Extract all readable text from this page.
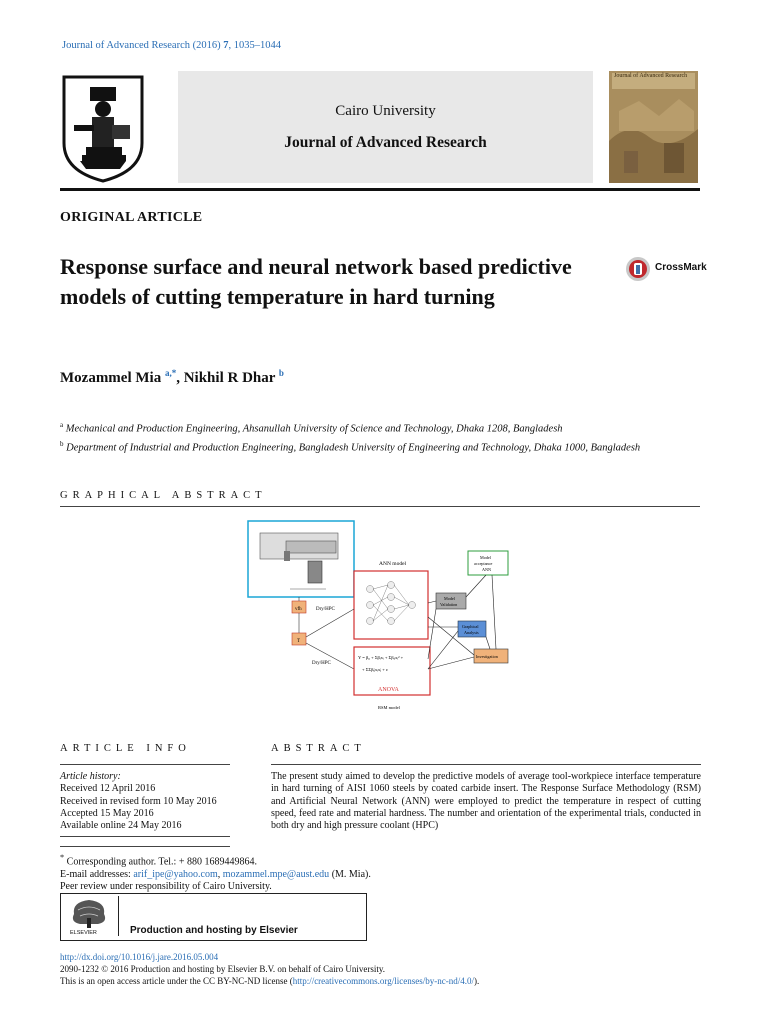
Journal of Advanced Research (2016) 7, 1035–1044
Cairo University
Journal of Advanced Research
Journal of Advanced Research
ORIGINAL ARTICLE
Response surface and neural network based predictive models of cutting temperature in hard turning
CrossMark
Mozammel Mia $^{a,*}$, Nikhil R Dhar $^b$
$^a$ Mechanical and Production Engineering, Ahsanullah University of Science and Technology, Dhaka 1208, Bangladesh
$^b$ Department of Industrial and Production Engineering, Bangladesh University of Engineering and Technology, Dhaka 1000, Bangladesh
GRAPHICAL ABSTRACT
ANN model
vfh
T
Dry/HPC
Dry/HPC
Y = β₀ + Σβᵢxᵢ + Σβᵢᵢxᵢ² +
+ ΣΣβᵢⱼxᵢxⱼ + ε
ANOVA
RSM model
Model
acceptance
ANN
Model
Validation
Graphical
Analysis
Investigation
ARTICLE INFO	ABSTRACT
Article history:
Received 12 April 2016
Received in revised form 10 May 2016
Accepted 15 May 2016
Available online 24 May 2016
The present study aimed to develop the predictive models of average tool-workpiece interface temperature in hard turning of AISI 1060 steels by coated carbide insert. The Response Surface Methodology (RSM) and Artificial Neural Network (ANN) were employed to predict the temperature in respect of cutting speed, feed rate and material hardness. The number and orientation of the experimental trials, conducted in both dry and high pressure coolant (HPC)
* Corresponding author. Tel.: + 880 1689449864.
E-mail addresses: arif_ipe@yahoo.com, mozammel.mpe@aust.edu (M. Mia).
Peer review under responsibility of Cairo University.
ELSEVIER	Production and hosting by Elsevier
http://dx.doi.org/10.1016/j.jare.2016.05.004
2090-1232 © 2016 Production and hosting by Elsevier B.V. on behalf of Cairo University.
This is an open access article under the CC BY-NC-ND license (http://creativecommons.org/licenses/by-nc-nd/4.0/).
